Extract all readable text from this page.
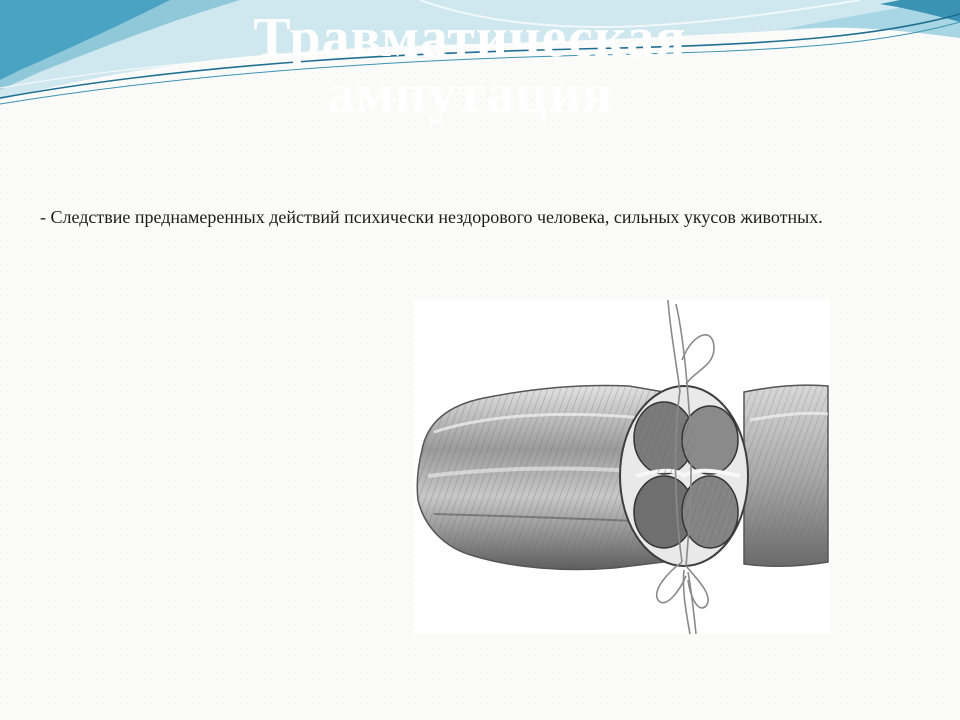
Травматическая
ампутация

- Следствие преднамеренных действий психически нездорового человека, сильных укусов животных.
